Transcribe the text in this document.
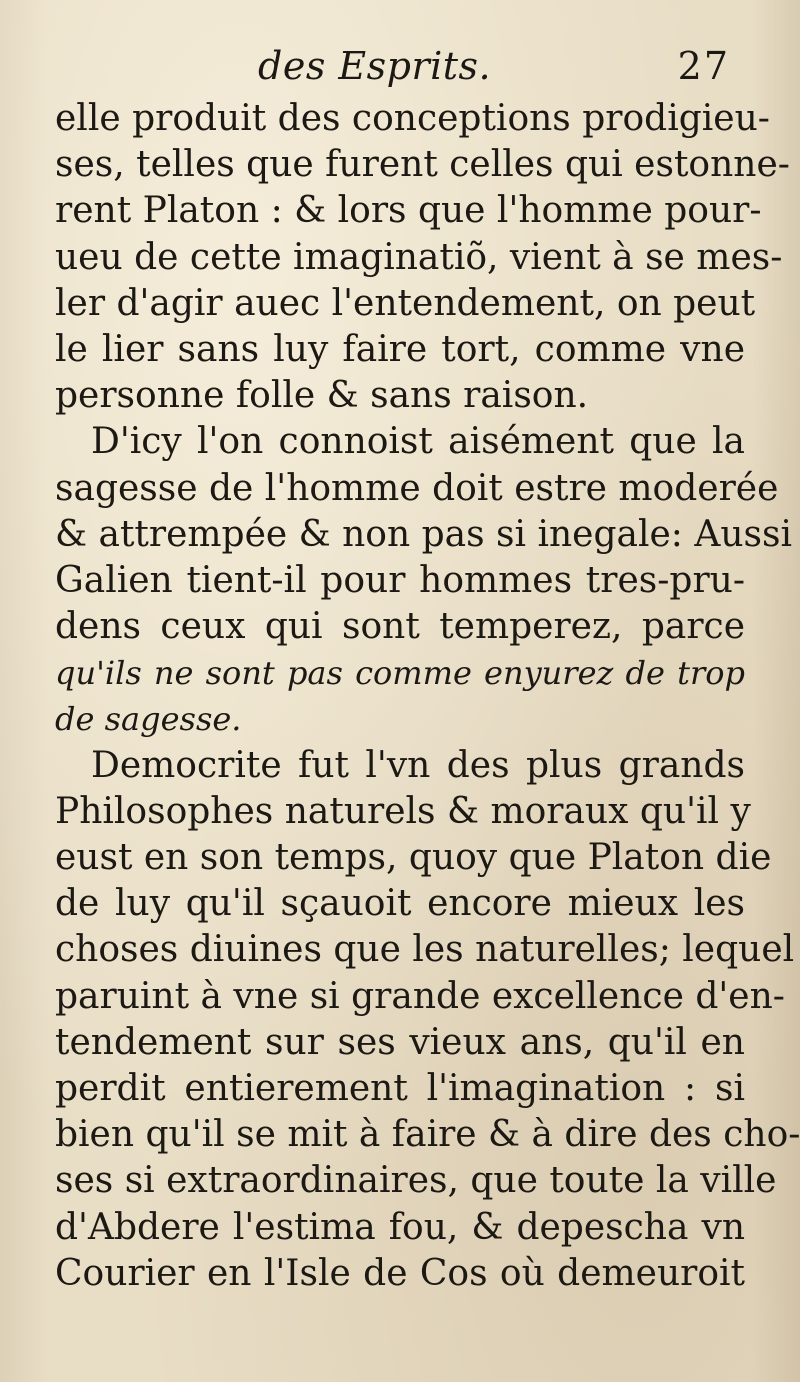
des Esprits.	27
elle produit des conceptions prodigieu-
ses, telles que furent celles qui estonne-
rent Platon : & lors que l'homme pour-
ueu de cette imaginatiõ, vient à se mes-
ler d'agir auec l'entendement, on peut
le lier sans luy faire tort, comme vne
personne folle & sans raison.
D'icy l'on connoist aisément que la
sagesse de l'homme doit estre moderée
& attrempée & non pas si inegale: Aussi
Galien tient-il pour hommes tres-pru-
dens ceux qui sont temperez, parce
qu'ils ne sont pas comme enyurez de trop
de sagesse.
Democrite fut l'vn des plus grands
Philosophes naturels & moraux qu'il y
eust en son temps, quoy que Platon die
de luy qu'il sçauoit encore mieux les
choses diuines que les naturelles; lequel
paruint à vne si grande excellence d'en-
tendement sur ses vieux ans, qu'il en
perdit entierement l'imagination : si
bien qu'il se mit à faire & à dire des cho-
ses si extraordinaires, que toute la ville
d'Abdere l'estima fou, & depescha vn
Courier en l'Isle de Cos où demeuroit
